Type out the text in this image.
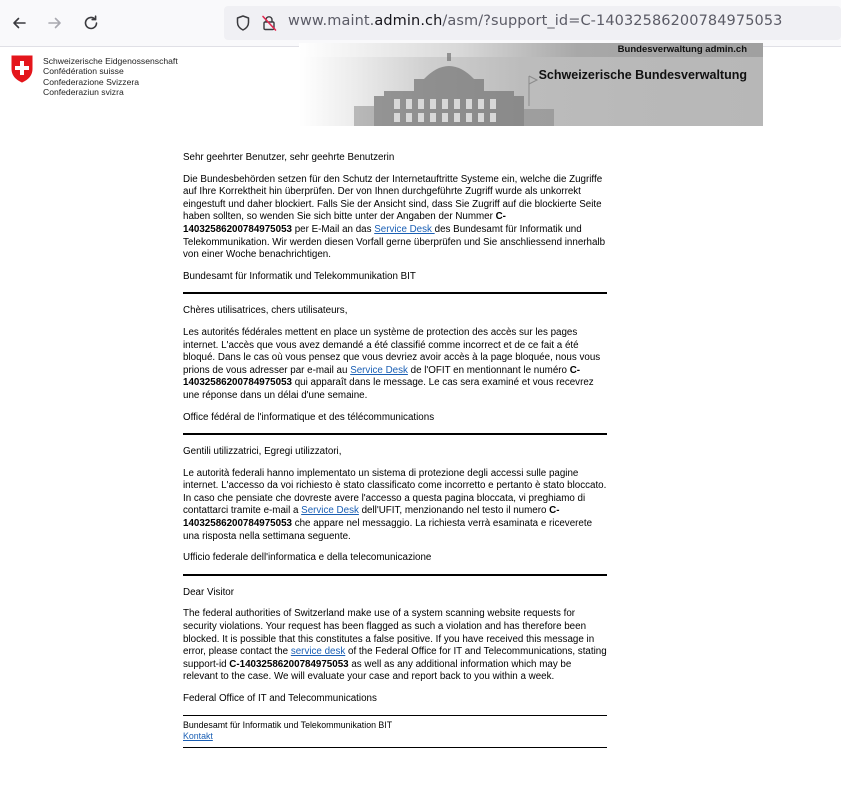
www.maint.admin.ch/asm/?support_id=C-14032586200784975053
Schweizerische Eidgenossenschaft
Confédération suisse
Confederazione Svizzera
Confederaziun svizra
Bundesverwaltung admin.ch
Schweizerische Bundesverwaltung

Sehr geehrter Benutzer, sehr geehrte Benutzerin

Die Bundesbehörden setzen für den Schutz der Internetauftritte Systeme ein, welche die Zugriffe auf Ihre Korrektheit hin überprüfen. Der von Ihnen durchgeführte Zugriff wurde als unkorrekt eingestuft und daher blockiert. Falls Sie der Ansicht sind, dass Sie Zugriff auf die blockierte Seite haben sollten, so wenden Sie sich bitte unter der Angaben der Nummer C-14032586200784975053 per E-Mail an das Service Desk des Bundesamt für Informatik und Telekommunikation. Wir werden diesen Vorfall gerne überprüfen und Sie anschliessend innerhalb von einer Woche benachrichtigen.

Bundesamt für Informatik und Telekommunikation BIT

Chères utilisatrices, chers utilisateurs,

Les autorités fédérales mettent en place un système de protection des accès sur les pages internet. L'accès que vous avez demandé a été classifié comme incorrect et de ce fait a été bloqué. Dans le cas où vous pensez que vous devriez avoir accès à la page bloquée, nous vous prions de vous adresser par e-mail au Service Desk de l'OFIT en mentionnant le numéro C-14032586200784975053 qui apparaît dans le message. Le cas sera examiné et vous recevrez une réponse dans un délai d'une semaine.

Office fédéral de l'informatique et des télécommunications

Gentili utilizzatrici, Egregi utilizzatori,

Le autorità federali hanno implementato un sistema di protezione degli accessi sulle pagine internet. L'accesso da voi richiesto è stato classificato come incorretto e pertanto è stato bloccato. In caso che pensiate che dovreste avere l'accesso a questa pagina bloccata, vi preghiamo di contattarci tramite e-mail a Service Desk dell'UFIT, menzionando nel testo il numero C-14032586200784975053 che appare nel messaggio. La richiesta verrà esaminata e riceverete una risposta nella settimana seguente.

Ufficio federale dell'informatica e della telecomunicazione

Dear Visitor

The federal authorities of Switzerland make use of a system scanning website requests for security violations. Your request has been flagged as such a violation and has therefore been blocked. It is possible that this constitutes a false positive. If you have received this message in error, please contact the service desk of the Federal Office for IT and Telecommunications, stating support-id C-14032586200784975053 as well as any additional information which may be relevant to the case. We will evaluate your case and report back to you within a week.

Federal Office of IT and Telecommunications

Bundesamt für Informatik und Telekommunikation BIT
Kontakt
